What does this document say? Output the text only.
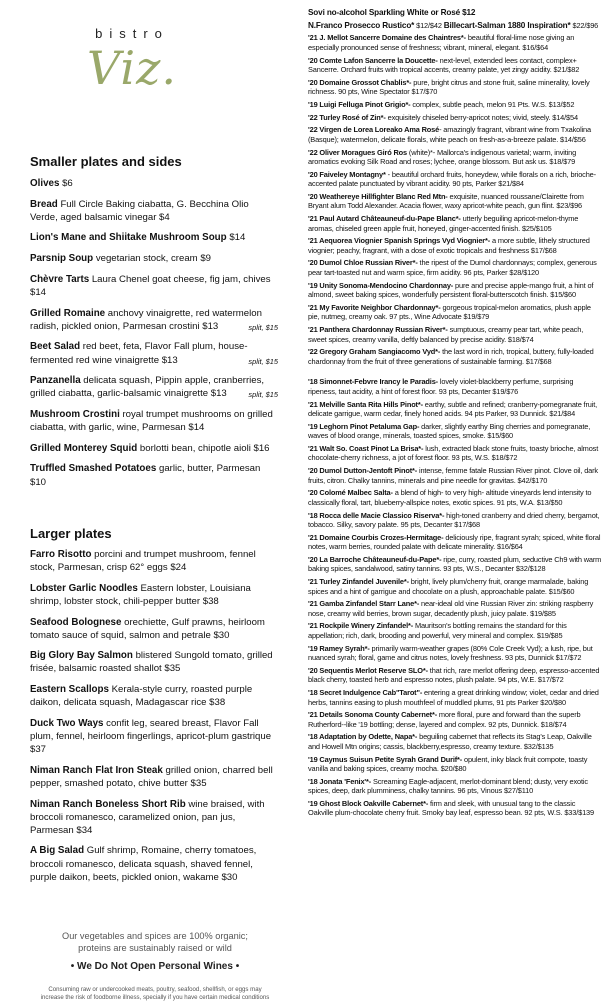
bistro
Viz.
Smaller plates and sides
Olives $6
Bread Full Circle Baking ciabatta, G. Becchina Olio Verde, aged balsamic vinegar $4
Lion's Mane and Shiitake Mushroom Soup $14
Parsnip Soup vegetarian stock, cream $9
Chèvre Tarts Laura Chenel goat cheese, fig jam, chives $14
Grilled Romaine anchovy vinaigrette, red watermelon radish, pickled onion, Parmesan crostini $13	split, $15
Beet Salad red beet, feta, Flavor Fall plum, house-fermented red wine vinaigrette $13	split, $15
Panzanella delicata squash, Pippin apple, cranberries, grilled ciabatta, garlic-balsamic vinaigrette $13	split, $15
Mushroom Crostini royal trumpet mushrooms on grilled ciabatta, with garlic, wine, Parmesan $14
Grilled Monterey Squid borlotti bean, chipotle aioli $16
Truffled Smashed Potatoes garlic, butter, Parmesan $10
Larger plates
Farro Risotto porcini and trumpet mushroom, fennel stock, Parmesan, crisp 62° eggs $24
Lobster Garlic Noodles Eastern lobster, Louisiana shrimp, lobster stock, chili-pepper butter $38
Seafood Bolognese orechiette, Gulf prawns, heirloom tomato sauce of squid, salmon and petrale $30
Big Glory Bay Salmon blistered Sungold tomato, grilled frisée, balsamic roasted shallot $35
Eastern Scallops Kerala-style curry, roasted purple daikon, delicata squash, Madagascar rice $38
Duck Two Ways confit leg, seared breast, Flavor Fall plum, fennel, heirloom fingerlings, apricot-plum gastrique $37
Niman Ranch Flat Iron Steak grilled onion, charred bell pepper, smashed potato, chive butter $35
Niman Ranch Boneless Short Rib wine braised, with broccoli romanesco, caramelized onion, pan jus, Parmesan $34
A Big Salad Gulf shrimp, Romaine, cherry tomatoes, broccoli romanesco, delicata squash, shaved fennel, purple daikon, beets, pickled onion, wakame $30
Our vegetables and spices are 100% organic; proteins are sustainably raised or wild
• We Do Not Open Personal Wines •
Consuming raw or undercooked meats, poultry, seafood, shellfish, or eggs may increase the risk of foodborne illness, specially if you have certain medical conditions
Sovi no-alcohol Sparkling White or Rosé $12
N.Franco Prosecco Rustico* $12/$42 Billecart-Salman 1880 Inspiration* $22/$96
'21 J. Mellot Sancerre Domaine des Chaintres*- beautiful floral-lime nose giving an especially pronounced sense of freshness; vibrant, mineral, elegant. $16/$64
'20 Comte Lafon Sancerre la Doucette- next-level, extended lees contact, complex+ Sancerre. Orchard fruits with tropical accents, creamy palate, yet zingy acidity. $21/$82
'20 Domaine Grossot Chablis*- pure, bright citrus and stone fruit, saline minerality, lovely richness. 90 pts, Wine Spectator $17/$70
'19 Luigi Fellugа Pinot Grigio*- complex, subtle peach, melon 91 Pts. W.S. $13/$52
'22 Turley Rosé of Zin*- exquisitely chiseled berry-apricot notes; vivid, steely. $14/$54
'22 Virgen de Lorea Loreako Ama Rosé- amazingly fragrant, vibrant wine from Txakolina (Basque); watermelon, delicate florals, white peach on fresh-as-a-breeze palate. $14/$56
'22 Oliver Moragues Giró Ros (white)*- Mallorca's indigenous varietal; warm, inviting aromatics evoking Silk Road and roses; lychee, orange blossom. But ask us. $18/$79
'20 Faiveley Montagny* - beautiful orchard fruits, honeydew, while florals on a rich, brioche-accented palate punctuated by vibrant acidity. 90 pts, Parker $21/$84
'20 Weathereye Hillfighter Blanc Red Mtn- exquisite, nuanced roussane/Clairette from Bryant alum Todd Alexander. Acacia flower, waxy apricot-white peach, gun flint. $23/$96
'21 Paul Autard Châteauneuf-du-Pape Blanc*- utterly beguiling apricot-melon-thyme aromas, chiseled green apple fruit, honeyed, ginger-accented finish. $25/$105
'21 Aequorea Viognier Spanish Springs Vyd Viognier*- a more subtle, lithely structured viognier; peachy, fragrant, with a dose of exotic tropicals and freshness $17/$68
'20 Dumol Chloe Russian River*- the ripest of the Dumol chardonnays; complex, generous pear tart-toasted nut and warm spice, firm acidity. 96 pts, Parker $28/$120
'19 Unity Sonoma-Mendocino Chardonnay- pure and precise apple-mango fruit, a hint of almond, sweet baking spices, wonderfully persistent floral-butterscotch finish. $15/$60
'21 My Favorite Neighbor Chardonnay*- gorgeous tropical-melon aromatics, plush apple pie, nutmeg, creamy oak. 97 pts., Wine Advocate $19/$79
'21 Panthera Chardonnay Russian River*- sumptuous, creamy pear tart, white peach, sweet spices, creamy vanilla, deftly balanced by precise acidity. $18/$74
'22 Gregory Graham Sangiacomo Vyd*- the last word in rich, tropical, buttery, fully-loaded chardonnay from the fruit of three generations of sustainable farming. $17/$68
'18 Simonnet-Febvre Irancy le Paradis- lovely violet-blackberry perfume, surprising ripeness, taut acidity, a hint of forest floor. 93 pts, Decanter $19/$76
'21 Melville Santa Rita Hills Pinot*- earthy, subtle and refined; cranberry-pomegranate fruit, delicate garrigue, warm cedar, finely honed acids. 94 pts Parker, 93 Dunnick. $21/$84
'19 Leghorn Pinot Petaluma Gap- darker, slightly earthy Bing cherries and pomegranate, waves of blood orange, minerals, toasted spices, smoke. $15/$60
'21 Walt So. Coast Pinot La Brisa*- lush, extracted black stone fruits, toasty brioche, almost chocolate-cherry richness, a jot of forest floor. 93 pts, W.S. $18/$72
'20 Dumol Dutton-Jentoft Pinot*- intense, femme fatale Russian River pinot. Clove oil, dark fruits, citron. Chalky tannins, minerals and pine needle for gravitas. $42/$170
'20 Colomé Malbec Salta- a blend of high- to very high- altitude vineyards lend intensity to classically floral, tart, blueberry-allspice notes, exotic spices. 91 pts, W.A. $13/$50
'18 Rocca delle Macie Classico Riserva*- high-toned cranberry and dried cherry, bergamot, tobacco. Silky, savory palate. 95 pts, Decanter $17/$68
'21 Domaine Courbis Crozes-Hermitage- deliciously ripe, fragrant syrah; spiced, white floral notes, warm berries, rounded palate with delicate minerality. $16/$64
'20 La Barroche Châteauneuf-du-Pape*- ripe, curry, roasted plum, seductive Ch9 with warm baking spices, sandalwood, satiny tannins. 93 pts, W.S., Decanter $32/$128
'21 Turley Zinfandel Juvenile*- bright, lively plum/cherry fruit, orange marmalade, baking spices and a hint of garrigue and chocolate on a plush, approachable palate. $15/$60
'21 Gamba Zinfandel Starr Lane*- near-ideal old vine Russian River zin: striking raspberry nose, creamy wild berries, brown sugar, decadently plush, juicy palate. $19/$85
'21 Rockpile Winery Zinfandel*- Mauritson's bottling remains the standard for this appellation; rich, dark, brooding and powerful, very mineral and complex. $19/$85
'19 Ramey Syrah*- primarily warm-weather grapes (80% Cole Creek Vyd); a lush, ripe, but nuanced syrah; floral, game and citrus notes, lovely freshness. 93 pts, Dunnick $17/$72
'20 Sequentis Merlot Reserve SLO*- that rich, rare merlot offering deep, espresso-accented black cherry, toasted herb and espresso notes, plush palate. 94 pts, W.E. $17/$72
'18 Secret Indulgence Cab"Tarot"- entering a great drinking window; violet, cedar and dried herbs, tannins easing to plush mouthfeel of muddled plums, 91 pts Parker $20/$80
'21 Details Sonoma County Cabernet*- more floral, pure and forward than the superb Rutherford--like '19 bottling; dense, layered and complex. 92 pts, Dunnick. $18/$74
'18 Adaptation by Odette, Napa*- beguiling cabernet that reflects its Stag's Leap, Oakville and Howell Mtn origins; cassis, blackberry,espresso, creamy texture. $32/$135
'19 Caymus Suisun Petite Syrah Grand Durif*- opulent, inky black fruit compote, toasty vanilla and baking spices, creamy mocha. $20/$80
'18 Jonata 'Fenix'*- Screaming Eagle-adjacent, merlot-dominant blend; dusty, very exotic spices, deep, dark plumminess, chalky tannins. 96 pts, Vinous $27/$110
'19 Ghost Block Oakville Cabernet*- firm and sleek, with unusual tang to the classic Oakville plum-chocolate cherry fruit. Smoky bay leaf, espresso bean. 92 pts, W.S. $33/$139
